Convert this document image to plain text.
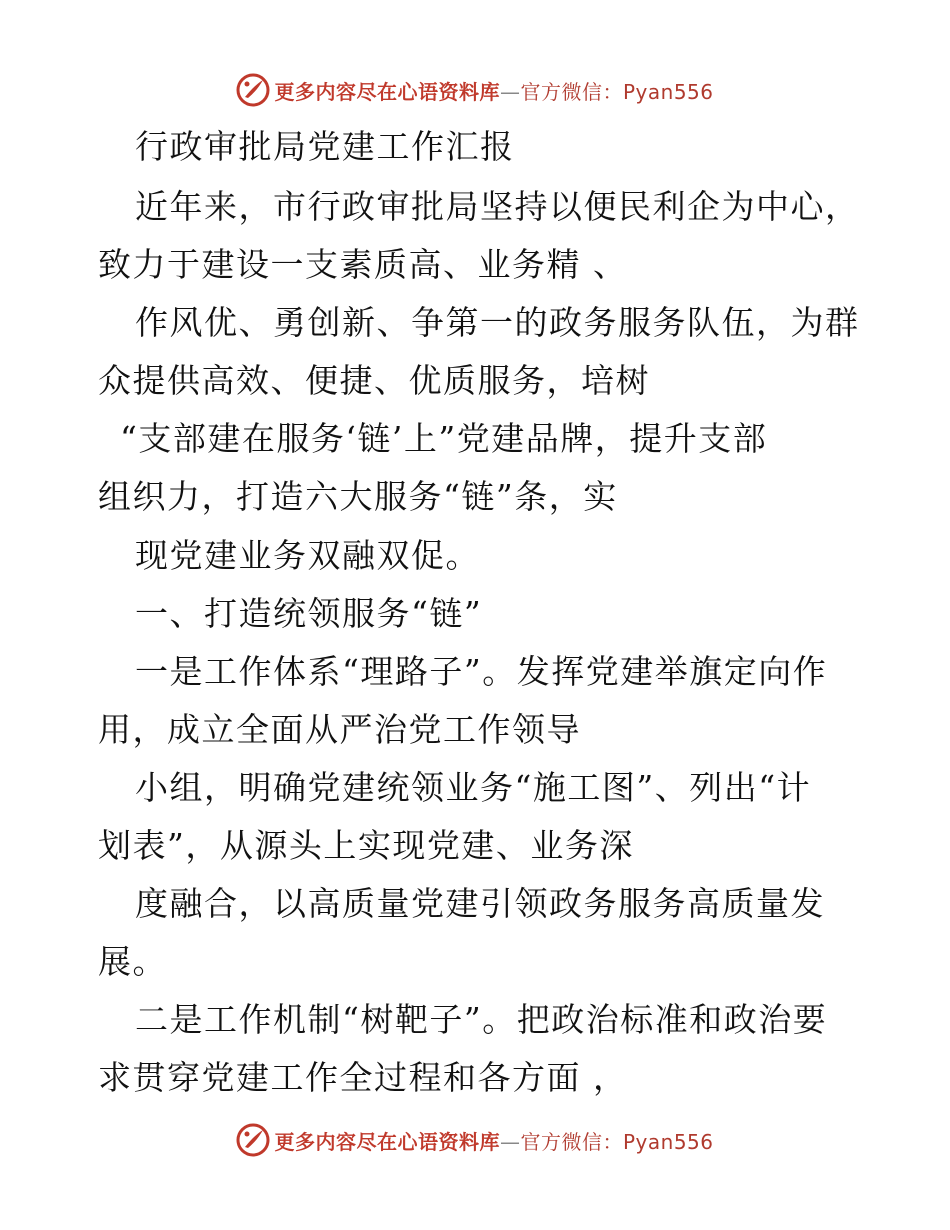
更多内容尽在心语资料库—官方微信：Pyan556
行政审批局党建工作汇报
近年来，市行政审批局坚持以便民利企为中心，
致力于建设一支素质高、业务精 、
作风优、勇创新、争第一的政务服务队伍，为群
众提供高效、便捷、优质服务，培树
“支部建在服务‘链’上”党建品牌，提升支部
组织力，打造六大服务“链”条，实
现党建业务双融双促。
一、打造统领服务“链”
一是工作体系“理路子”。发挥党建举旗定向作
用，成立全面从严治党工作领导
小组，明确党建统领业务“施工图”、列出“计
划表”，从源头上实现党建、业务深
度融合，以高质量党建引领政务服务高质量发
展。
二是工作机制“树靶子”。把政治标准和政治要
求贯穿党建工作全过程和各方面 ，
更多内容尽在心语资料库—官方微信：Pyan556
